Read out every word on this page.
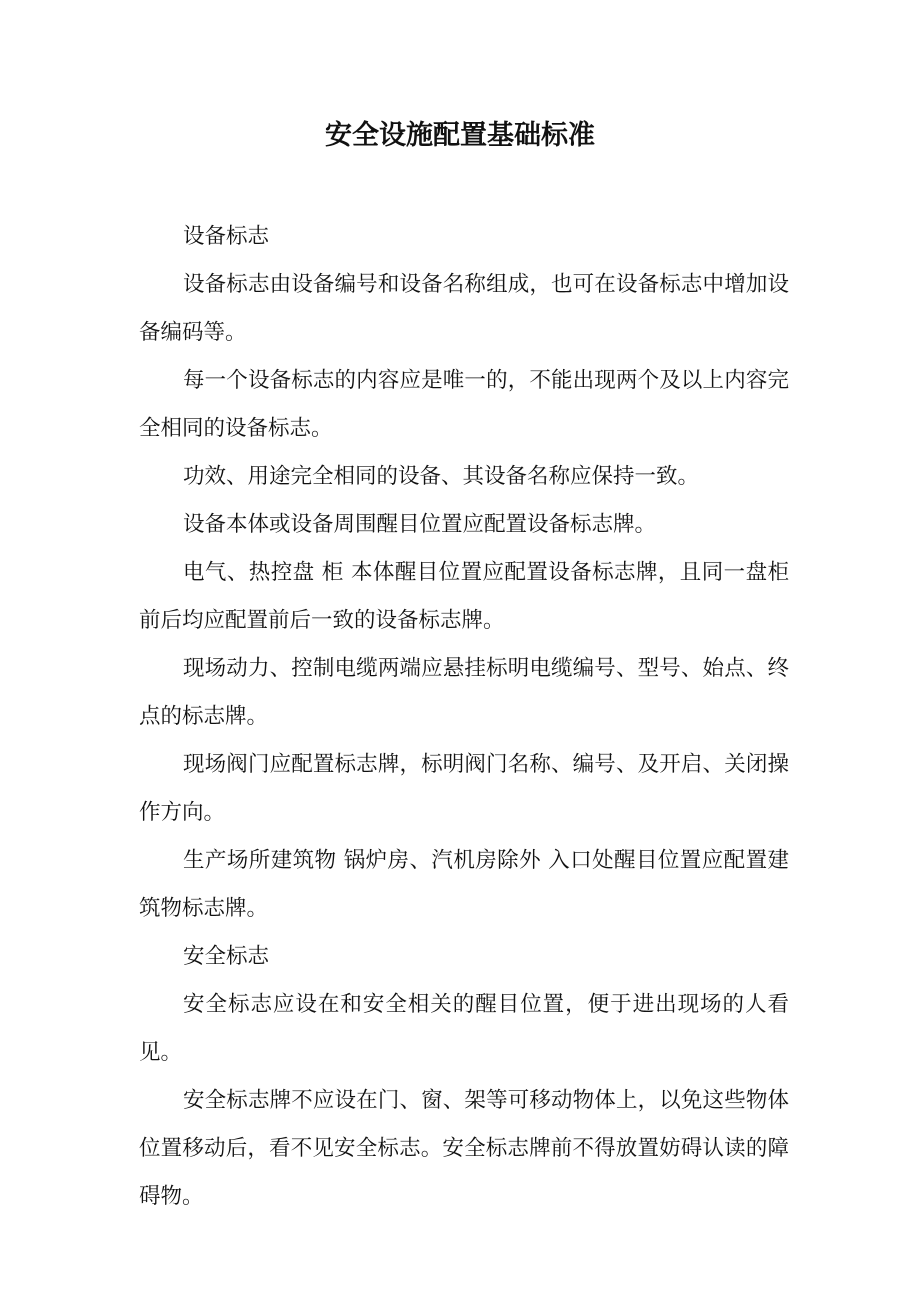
安全设施配置基础标准

设备标志

设备标志由设备编号和设备名称组成，也可在设备标志中增加设备编码等。

每一个设备标志的内容应是唯一的，不能出现两个及以上内容完全相同的设备标志。

功效、用途完全相同的设备、其设备名称应保持一致。

设备本体或设备周围醒目位置应配置设备标志牌。

电气、热控盘 柜 本体醒目位置应配置设备标志牌，且同一盘柜 前后均应配置前后一致的设备标志牌。

现场动力、控制电缆两端应悬挂标明电缆编号、型号、始点、终点的标志牌。

现场阀门应配置标志牌，标明阀门名称、编号、及开启、关闭操作方向。

生产场所建筑物 锅炉房、汽机房除外 入口处醒目位置应配置建筑物标志牌。

安全标志

安全标志应设在和安全相关的醒目位置，便于进出现场的人看见。

安全标志牌不应设在门、窗、架等可移动物体上，以免这些物体位置移动后，看不见安全标志。安全标志牌前不得放置妨碍认读的障碍物。
